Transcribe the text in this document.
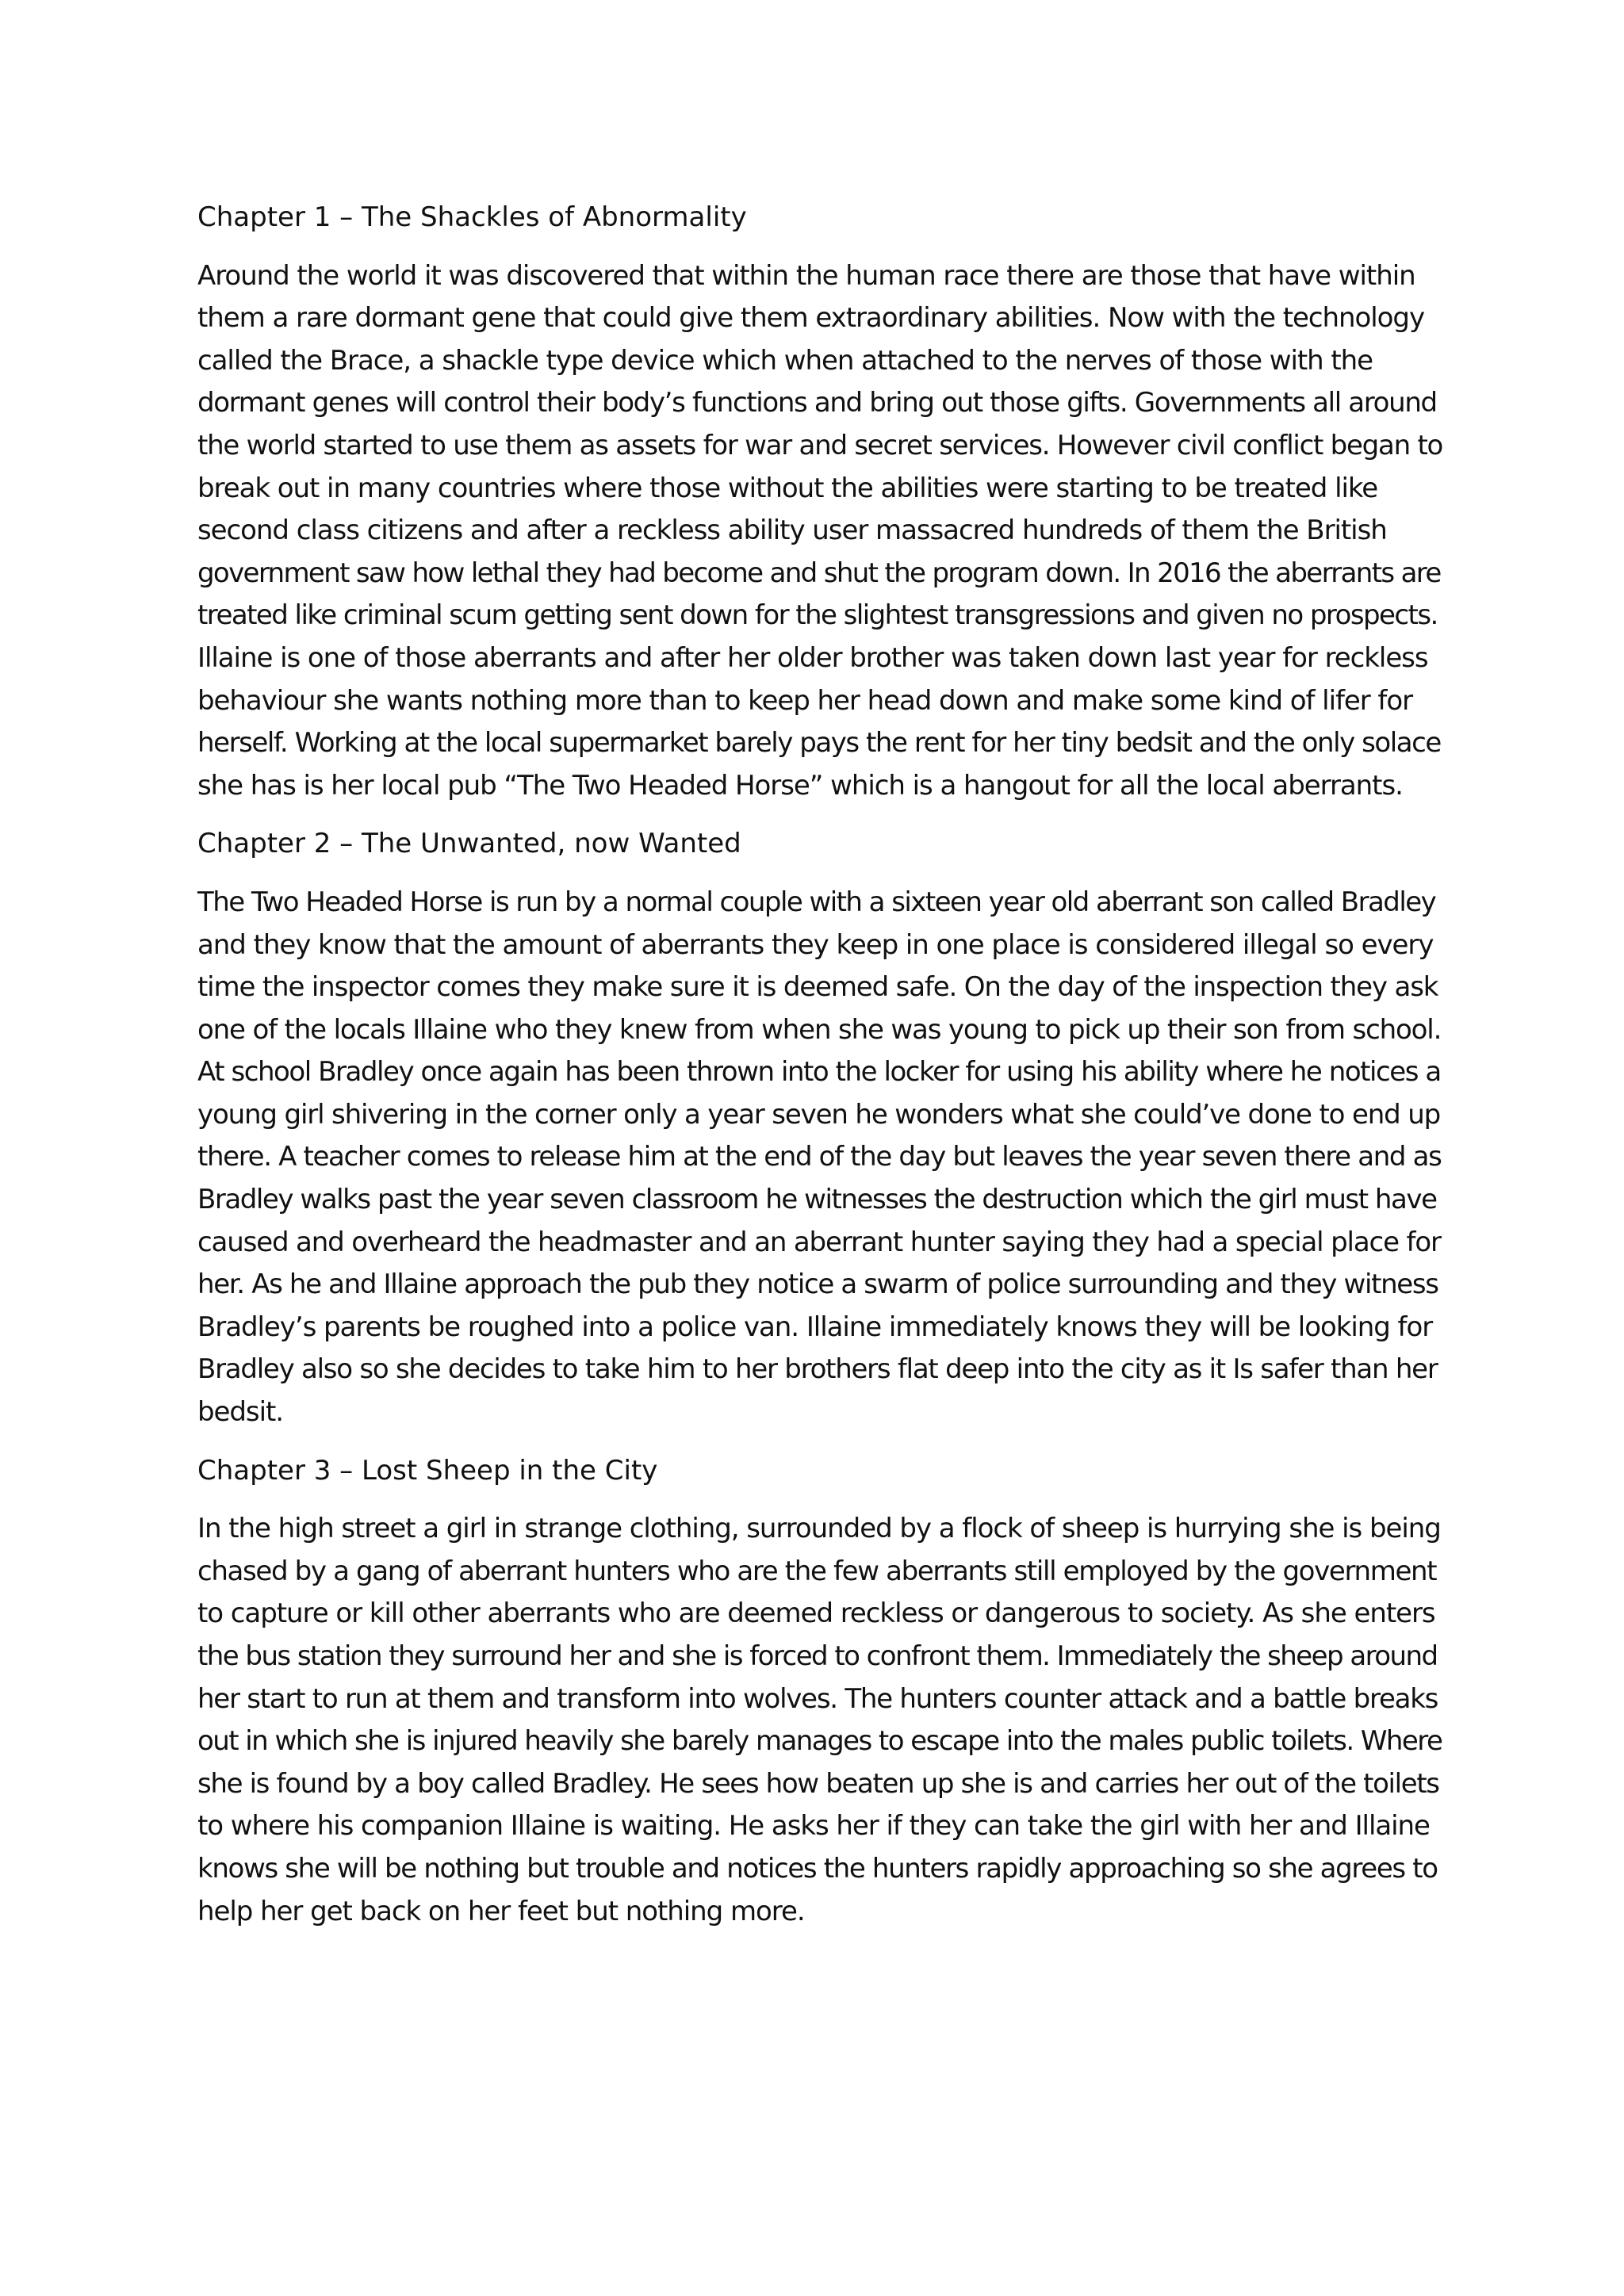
Chapter 1 – The Shackles of Abnormality
Around the world it was discovered that within the human race there are those that have within
them a rare dormant gene that could give them extraordinary abilities. Now with the technology
called the Brace, a shackle type device which when attached to the nerves of those with the
dormant genes will control their body’s functions and bring out those gifts. Governments all around
the world started to use them as assets for war and secret services. However civil conflict began to
break out in many countries where those without the abilities were starting to be treated like
second class citizens and after a reckless ability user massacred hundreds of them the British
government saw how lethal they had become and shut the program down. In 2016 the aberrants are
treated like criminal scum getting sent down for the slightest transgressions and given no prospects.
Illaine is one of those aberrants and after her older brother was taken down last year for reckless
behaviour she wants nothing more than to keep her head down and make some kind of lifer for
herself. Working at the local supermarket barely pays the rent for her tiny bedsit and the only solace
she has is her local pub “The Two Headed Horse” which is a hangout for all the local aberrants.
Chapter 2 – The Unwanted, now Wanted
The Two Headed Horse is run by a normal couple with a sixteen year old aberrant son called Bradley
and they know that the amount of aberrants they keep in one place is considered illegal so every
time the inspector comes they make sure it is deemed safe. On the day of the inspection they ask
one of the locals Illaine who they knew from when she was young to pick up their son from school.
At school Bradley once again has been thrown into the locker for using his ability where he notices a
young girl shivering in the corner only a year seven he wonders what she could’ve done to end up
there. A teacher comes to release him at the end of the day but leaves the year seven there and as
Bradley walks past the year seven classroom he witnesses the destruction which the girl must have
caused and overheard the headmaster and an aberrant hunter saying they had a special place for
her. As he and Illaine approach the pub they notice a swarm of police surrounding and they witness
Bradley’s parents be roughed into a police van. Illaine immediately knows they will be looking for
Bradley also so she decides to take him to her brothers flat deep into the city as it Is safer than her
bedsit.
Chapter 3 – Lost Sheep in the City
In the high street a girl in strange clothing, surrounded by a flock of sheep is hurrying she is being
chased by a gang of aberrant hunters who are the few aberrants still employed by the government
to capture or kill other aberrants who are deemed reckless or dangerous to society. As she enters
the bus station they surround her and she is forced to confront them. Immediately the sheep around
her start to run at them and transform into wolves. The hunters counter attack and a battle breaks
out in which she is injured heavily she barely manages to escape into the males public toilets. Where
she is found by a boy called Bradley. He sees how beaten up she is and carries her out of the toilets
to where his companion Illaine is waiting. He asks her if they can take the girl with her and Illaine
knows she will be nothing but trouble and notices the hunters rapidly approaching so she agrees to
help her get back on her feet but nothing more.
